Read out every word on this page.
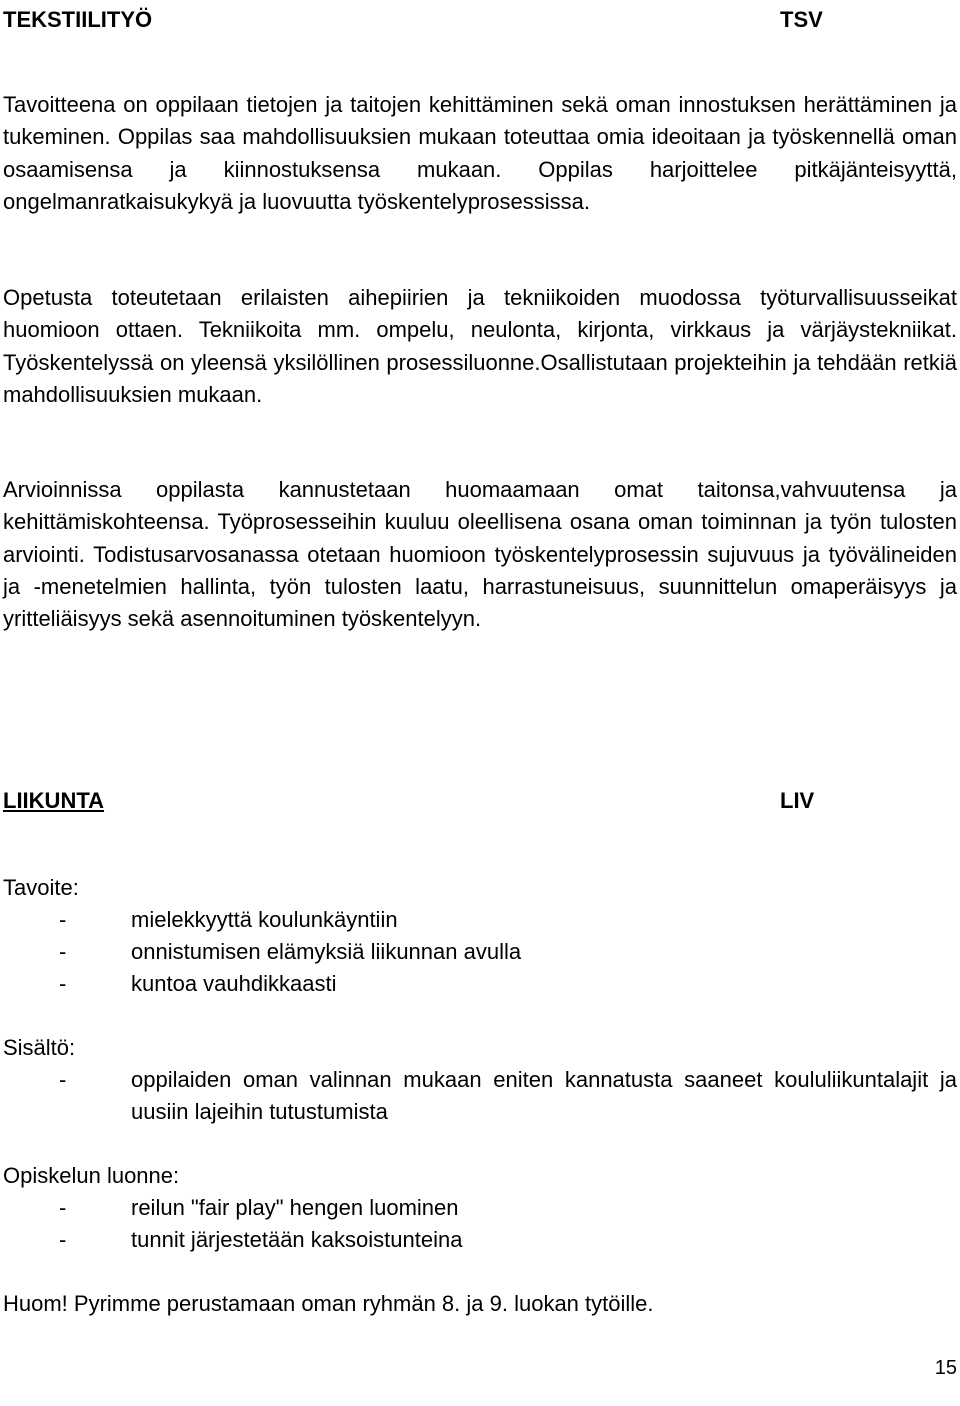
TEKSTIILITYÖ	TSV

Tavoitteena on oppilaan tietojen ja taitojen kehittäminen sekä oman innostuksen herättäminen ja tukeminen. Oppilas saa mahdollisuuksien mukaan toteuttaa omia ideoitaan ja työskennellä oman osaamisensa ja kiinnostuksensa mukaan. Oppilas harjoittelee pitkäjänteisyyttä, ongelmanratkaisukykyä ja luovuutta työskentelyprosessissa.

Opetusta toteutetaan erilaisten aihepiirien ja tekniikoiden muodossa työturvallisuusseikat huomioon ottaen. Tekniikoita mm. ompelu, neulonta, kirjonta, virkkaus ja värjäystekniikat. Työskentelyssä on yleensä yksilöllinen prosessiluonne.Osallistutaan projekteihin ja tehdään retkiä mahdollisuuksien mukaan.

Arvioinnissa oppilasta kannustetaan huomaamaan omat taitonsa,vahvuutensa ja kehittämiskohteensa. Työprosesseihin kuuluu oleellisena osana oman toiminnan ja työn tulosten arviointi. Todistusarvosanassa otetaan huomioon työskentelyprosessin sujuvuus ja työvälineiden ja -menetelmien hallinta, työn tulosten laatu, harrastuneisuus, suunnittelun omaperäisyys ja yritteliäisyys sekä asennoituminen työskentelyyn.

LIIKUNTA	LIV

Tavoite:

-	mielekkyyttä koulunkäyntiin
-	onnistumisen elämyksiä liikunnan avulla
-	kuntoa vauhdikkaasti

Sisältö:

-	oppilaiden oman valinnan mukaan eniten kannatusta saaneet koululiikuntalajit ja uusiin lajeihin tutustumista

Opiskelun luonne:

-	reilun "fair play" hengen luominen
-	tunnit järjestetään kaksoistunteina

Huom! Pyrimme perustamaan oman ryhmän 8. ja 9. luokan tytöille.

15
